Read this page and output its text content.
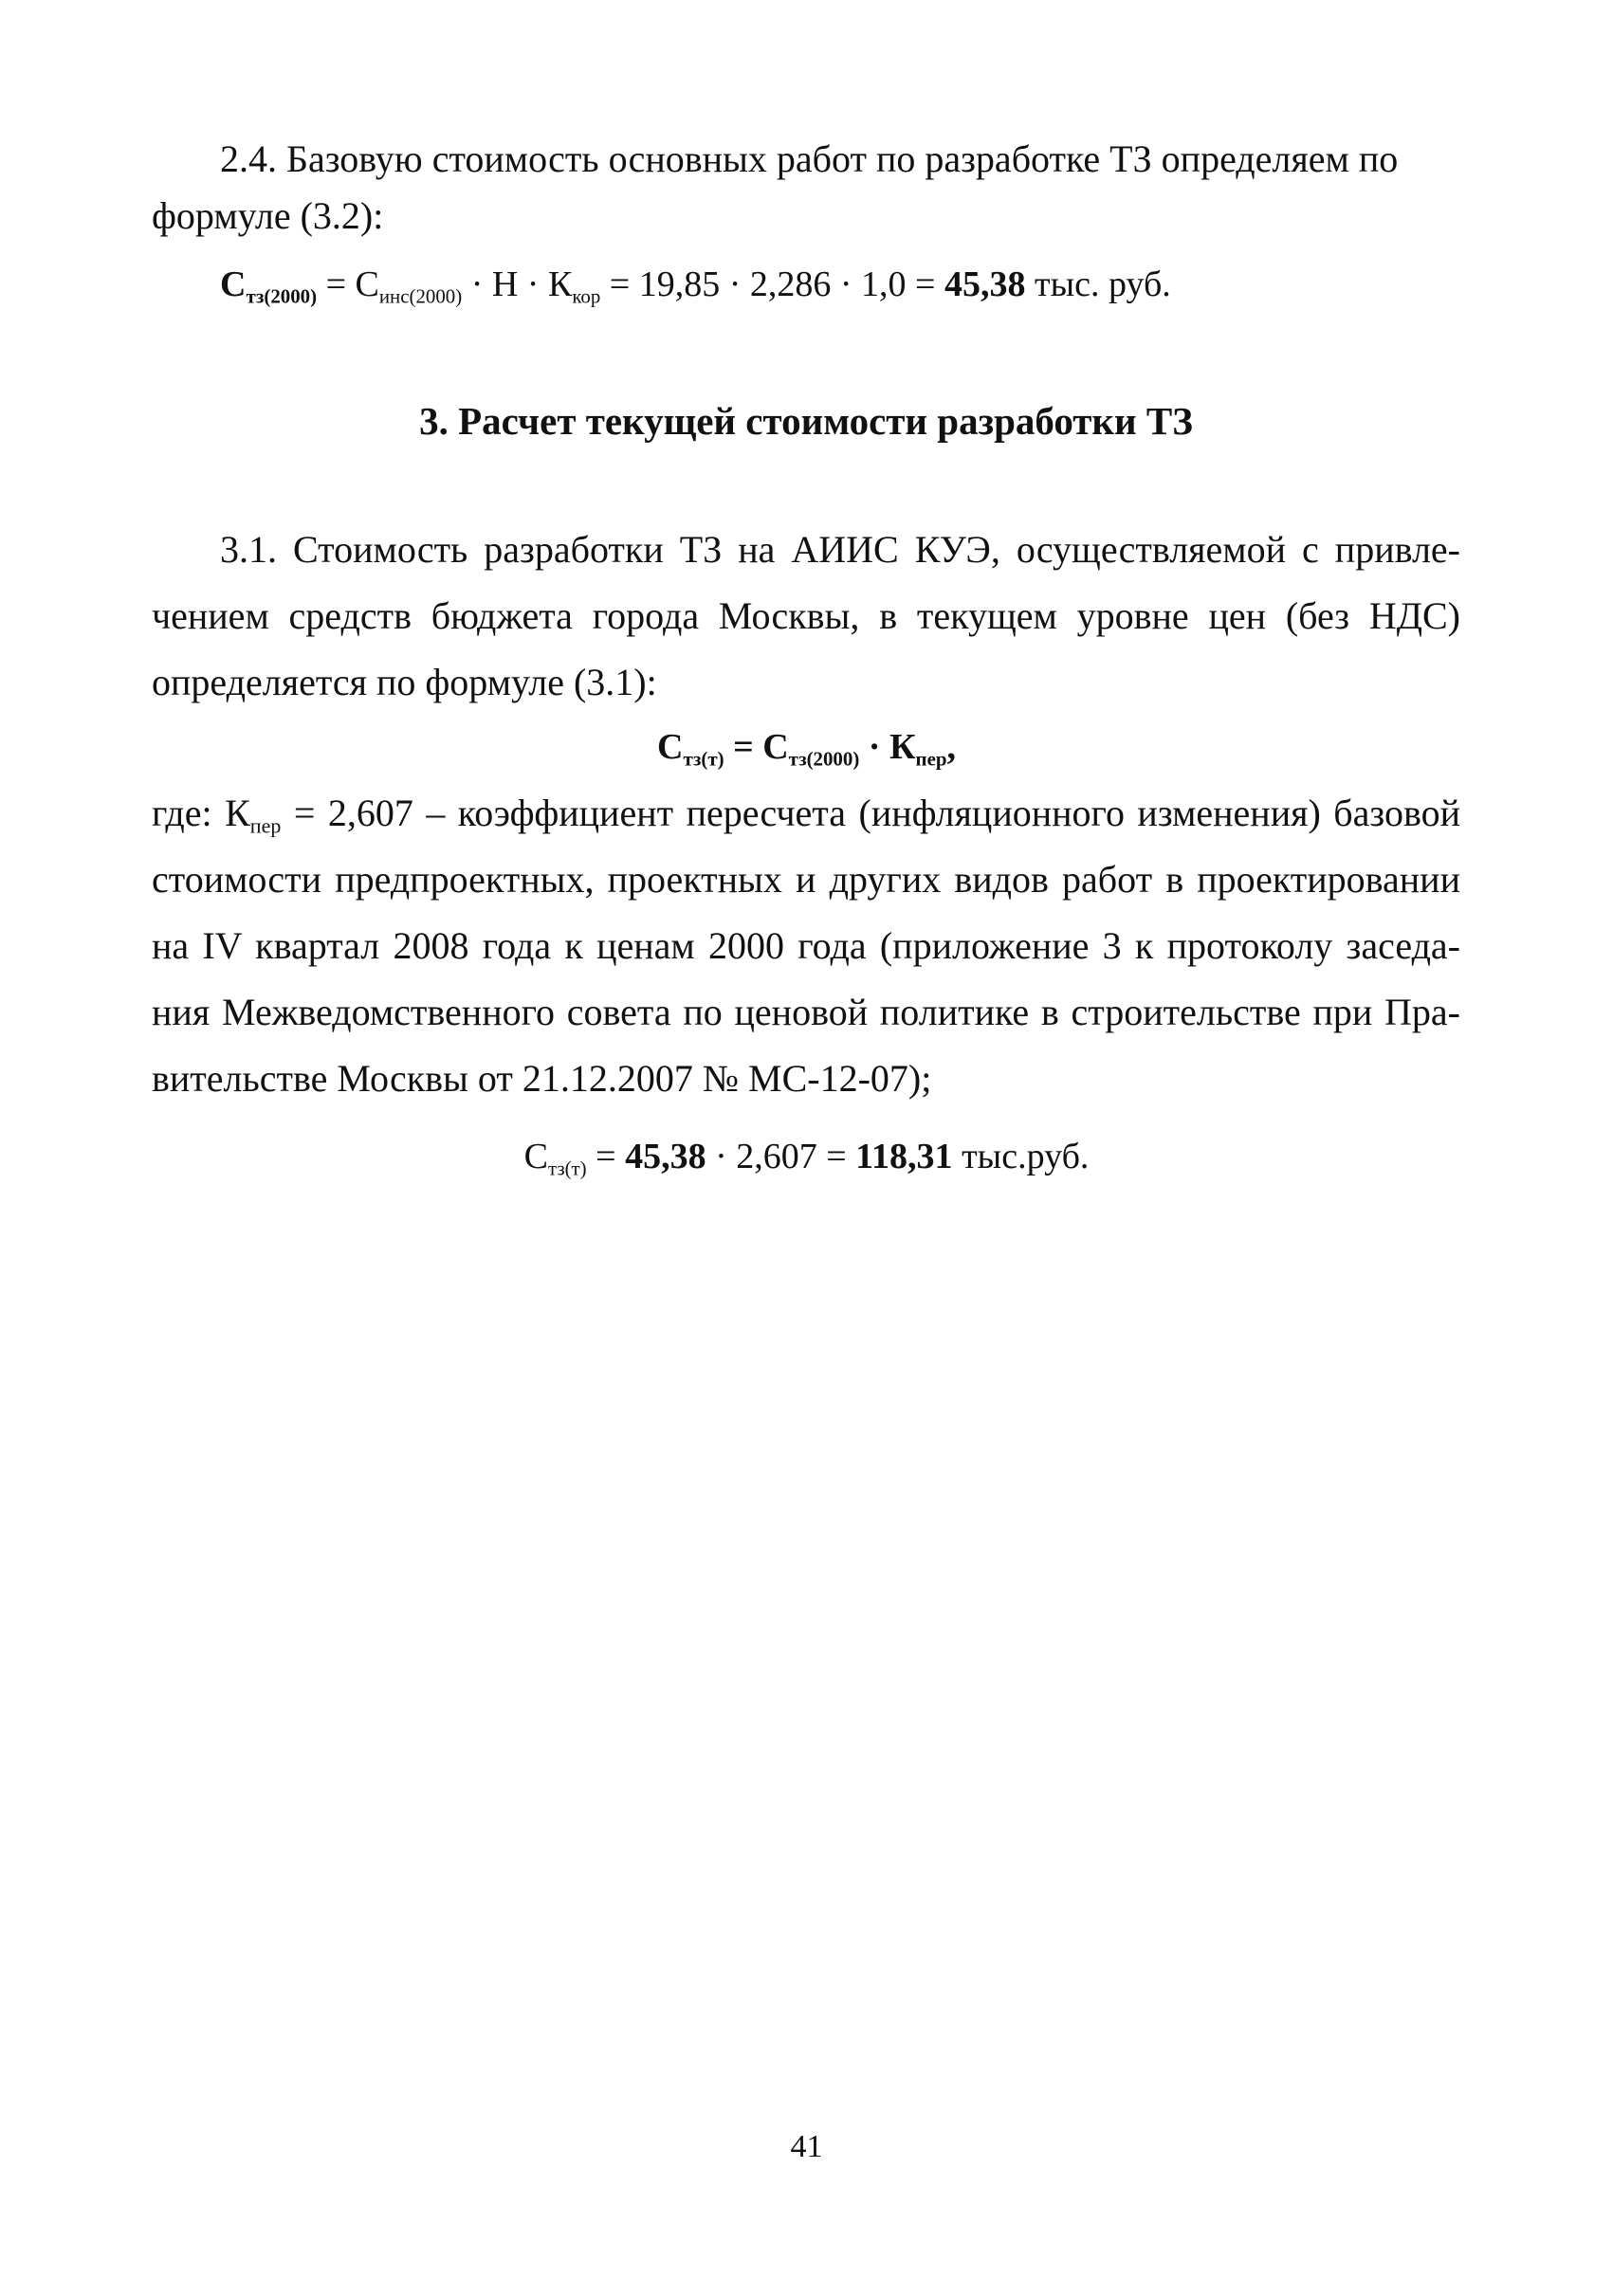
2.4. Базовую стоимость основных работ по разработке ТЗ определяем по
формуле (3.2):
$С_{тз(2000)} = С_{инс(2000)} \cdot Н \cdot К_{кор} = 19,85 \cdot 2,286 \cdot 1,0 = 45,38$ тыс. руб.
3. Расчет текущей стоимости разработки ТЗ
3.1. Стоимость разработки ТЗ на АИИС КУЭ, осуществляемой с привле-
чением средств бюджета города Москвы, в текущем уровне цен (без НДС)
определяется по формуле (3.1):
$С_{тз(т)} = С_{тз(2000)} \cdot К_{пер}$,
где: $К_{пер} = 2,607$ – коэффициент пересчета (инфляционного изменения) базовой
стоимости предпроектных, проектных и других видов работ в проектировании
на IV квартал 2008 года к ценам 2000 года (приложение 3 к протоколу заседа-
ния Межведомственного совета по ценовой политике в строительстве при Пра-
вительстве Москвы от 21.12.2007 № МС-12-07);
$С_{тз(т)} = 45,38 \cdot 2,607 = 118,31$ тыс.руб.
41
